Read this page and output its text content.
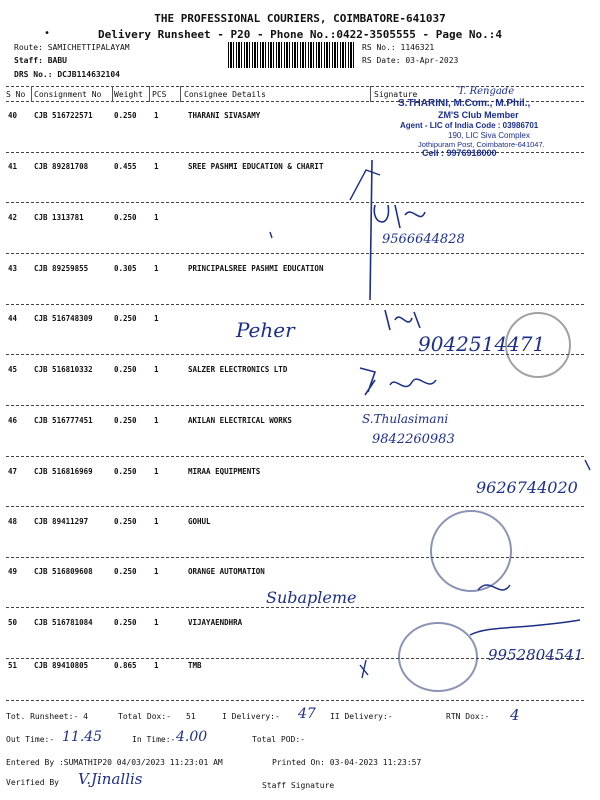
THE PROFESSIONAL COURIERS, COIMBATORE-641037
•	Delivery Runsheet - P20 - Phone No.:0422-3505555 - Page No.:4
Route: SAMICHETTIPALAYAM
Staff: BABU
DRS No.: DCJB114632104
RS No.: 1146321
RS Date: 03-Apr-2023
S No Consignment No Weight PCS Consignee Details	Signature
40 CJB 516722571	0.250 1	THARANI SIVASAMY
41 CJB 89281708	0.455 1	SREE PASHMI EDUCATION & CHARIT
42 CJB 1313781	0.250 1
43 CJB 89259855	0.305 1	PRINCIPALSREE PASHMI EDUCATION
44 CJB 516748309	0.250 1
45 CJB 516810332	0.250 1	SALZER ELECTRONICS LTD
46 CJB 516777451	0.250 1	AKILAN ELECTRICAL WORKS
47 CJB 516816969	0.250 1	MIRAA EQUIPMENTS
48 CJB 89411297	0.250 1	GOHUL
49 CJB 516809608	0.250 1	ORANGE AUTOMATION
50 CJB 516781084	0.250 1	VIJAYAENDHRA
51 CJB 89410805	0.865 1	TMB
T. Rengade
S.THARINI, M.Com., M.Phil.,
ZM'S Club Member
Agent - LIC of India Code : 03986701
190, LIC Siva Complex
Jothipuram Post, Coimbatore-641047.
Cell : 9976918000
9566644828
Peher
9042514471
S.Thulasimani
9842260983
9626744020
Subapleme
9952804541
Tot. Runsheet:- 4	Total Dox:- 51	I Delivery:- 47 II Delivery:-	RTN Dox:- 4
Out Time:- 11.45	In Time:- 4.00	Total POD:-
Entered By :SUMATHIP20 04/03/2023 11:23:01 AM	Printed On: 03-04-2023 11:23:57
Verified By V.Jinallis	Staff Signature
